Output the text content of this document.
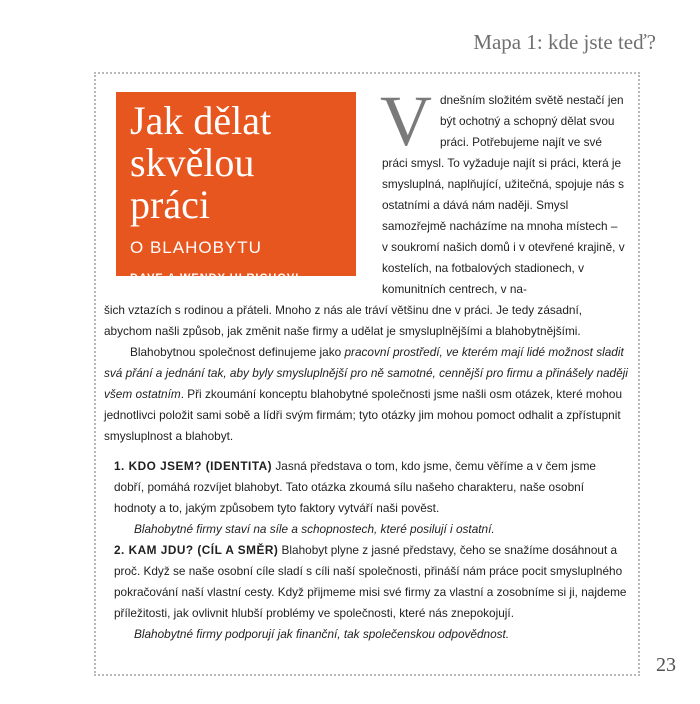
Mapa 1: kde jste teď?
23
Jak dělat
skvělou práci
O BLAHOBYTU
DAVE A WENDY ULRICHOVI
V dnešním složitém světě nestačí jen být ochotný a schopný dělat svou práci. Potřebujeme najít ve své práci smysl. To vyžaduje najít si práci, která je smysluplná, naplňující, užitečná, spojuje nás s ostatními a dává nám naději. Smysl samozřejmě nacházíme na mnoha místech – v soukromí našich domů i v otevřené krajině, v kostelích, na fotbalových stadionech, v komunitních centrech, v na-

šich vztazích s rodinou a přáteli. Mnoho z nás ale tráví většinu dne v práci. Je tedy zásadní, abychom našli způsob, jak změnit naše firmy a udělat je smysluplnějšími a blahobytnějšími.

Blahobytnou společnost definujeme jako pracovní prostředí, ve kterém mají lidé možnost sladit svá přání a jednání tak, aby byly smysluplnější pro ně samotné, cennější pro firmu a přinášely naději všem ostatním. Při zkoumání konceptu blahobytné společnosti jsme našli osm otázek, které mohou jednotlivci položit sami sobě a lídři svým firmám; tyto otázky jim mohou pomoct odhalit a zpřístupnit smysluplnost a blahobyt.

1. KDO JSEM? (IDENTITA) Jasná představa o tom, kdo jsme, čemu věříme a v čem jsme dobří, pomáhá rozvíjet blahobyt. Tato otázka zkoumá sílu našeho charakteru, naše osobní hodnoty a to, jakým způsobem tyto faktory vytváří naši pověst.

Blahobytné firmy staví na síle a schopnostech, které posilují i ostatní.

2. KAM JDU? (CÍL A SMĚR) Blahobyt plyne z jasné představy, čeho se snažíme dosáhnout a proč. Když se naše osobní cíle sladí s cíli naší společnosti, přináší nám práce pocit smysluplného pokračování naší vlastní cesty. Když přijmeme misi své firmy za vlastní a zosobníme si ji, najdeme příležitosti, jak ovlivnit hlubší problémy ve společnosti, které nás znepokojují.

Blahobytné firmy podporují jak finanční, tak společenskou odpovědnost.
